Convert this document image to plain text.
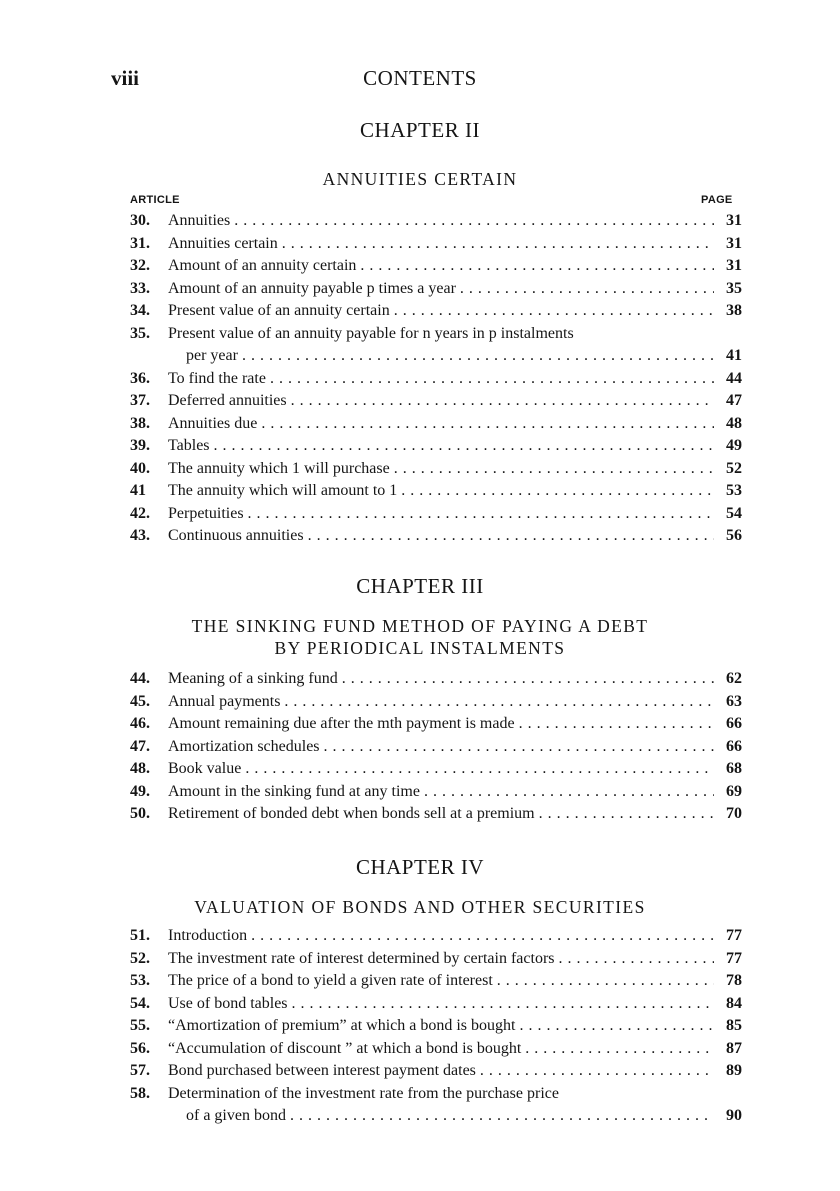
viii	CONTENTS
CHAPTER II
ANNUITIES CERTAIN
ARTICLE	PAGE
30.	Annuities . . .	31
31.	Annuities certain . . .	31
32.	Amount of an annuity certain . . .	31
33.	Amount of an annuity payable p times a year . . .	35
34.	Present value of an annuity certain . . .	38
35.	Present value of an annuity payable for n years in p instalments
per year . . .	41
36.	To find the rate . . .	44
37.	Deferred annuities . . .	47
38.	Annuities due . . .	48
39.	Tables . . .	49
40.	The annuity which 1 will purchase . . .	52
41	The annuity which will amount to 1 . . .	53
42.	Perpetuities . . .	54
43.	Continuous annuities . . .	56
CHAPTER III
THE SINKING FUND METHOD OF PAYING A DEBT
BY PERIODICAL INSTALMENTS
44.	Meaning of a sinking fund . . .	62
45.	Annual payments . . .	63
46.	Amount remaining due after the mth payment is made . . .	66
47.	Amortization schedules . . .	66
48.	Book value . . .	68
49.	Amount in the sinking fund at any time . . .	69
50.	Retirement of bonded debt when bonds sell at a premium . . .	70
CHAPTER IV
VALUATION OF BONDS AND OTHER SECURITIES
51.	Introduction . . .	77
52.	The investment rate of interest determined by certain factors . . .	77
53.	The price of a bond to yield a given rate of interest . . .	78
54.	Use of bond tables . . .	84
55.	“Amortization of premium” at which a bond is bought . . .	85
56.	“Accumulation of discount ” at which a bond is bought . . .	87
57.	Bond purchased between interest payment dates . . .	89
58.	Determination of the investment rate from the purchase price
of a given bond . . .	90
